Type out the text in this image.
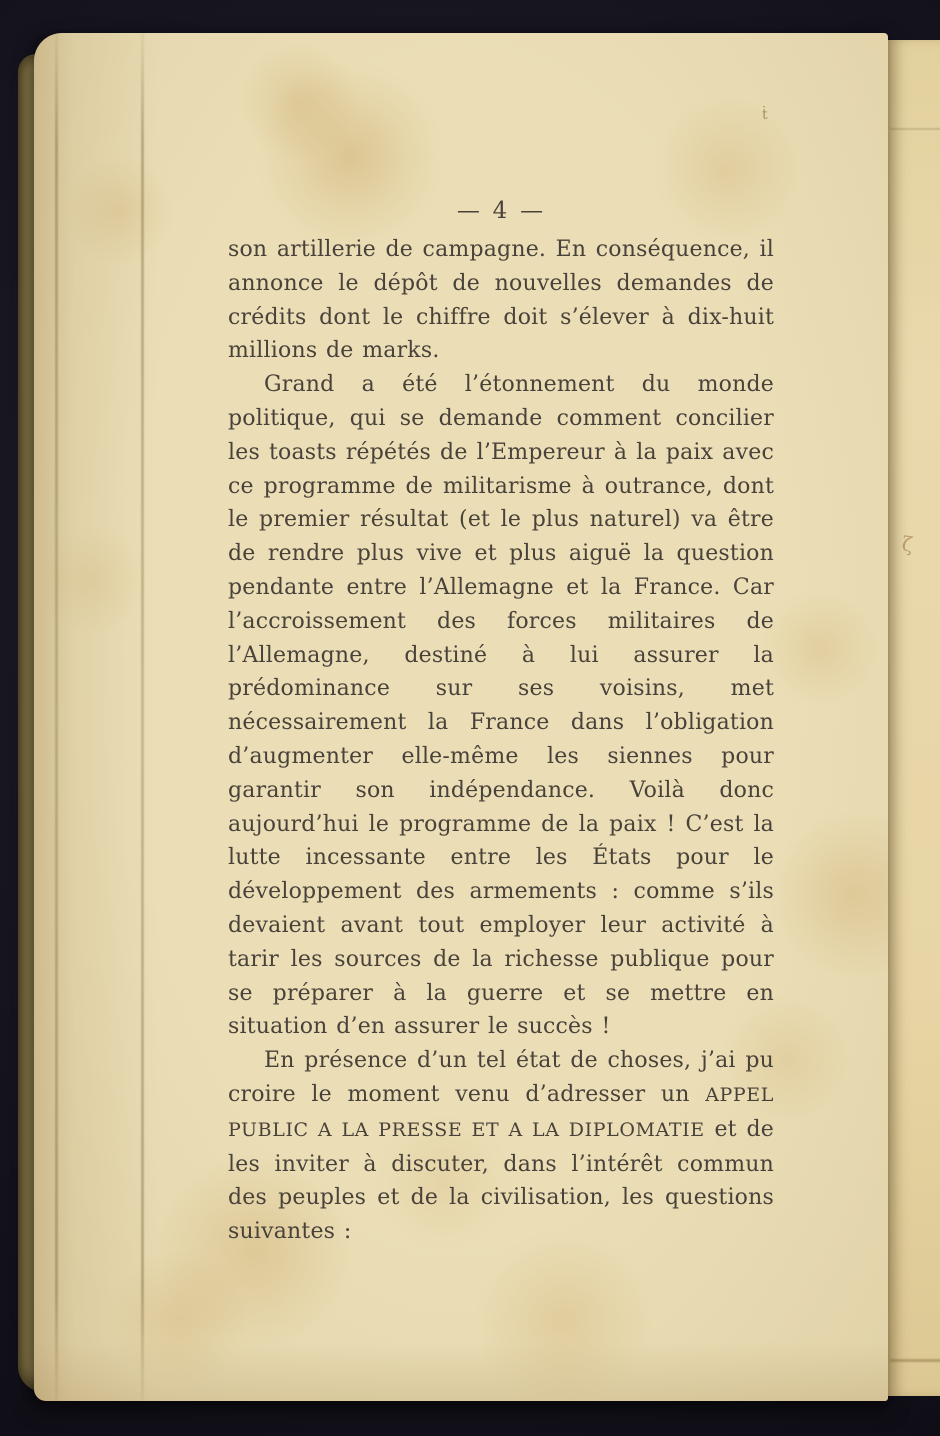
ṫ
— 4 —

son artillerie de campagne. En conséquence, il annonce le dépôt de nouvelles demandes de crédits dont le chiffre doit s’élever à dix-huit millions de marks.

Grand a été l’étonnement du monde politique, qui se demande comment concilier les toasts répétés de l’Empereur à la paix avec ce programme de militarisme à outrance, dont le premier résultat (et le plus naturel) va être de rendre plus vive et plus aiguë la question pendante entre l’Allemagne et la France. Car l’accroissement des forces militaires de l’Allemagne, destiné à lui assurer la prédominance sur ses voisins, met nécessairement la France dans l’obligation d’augmenter elle-même les siennes pour garantir son indépendance. Voilà donc aujourd’hui le programme de la paix ! C’est la lutte incessante entre les États pour le développement des armements : comme s’ils devaient avant tout employer leur activité à tarir les sources de la richesse publique pour se préparer à la guerre et se mettre en situation d’en assurer le succès !

En présence d’un tel état de choses, j’ai pu croire le moment venu d’adresser un APPEL PUBLIC A LA PRESSE ET A LA DIPLOMATIE et de les inviter à discuter, dans l’intérêt commun des peuples et de la civilisation, les questions suivantes :

ζ
